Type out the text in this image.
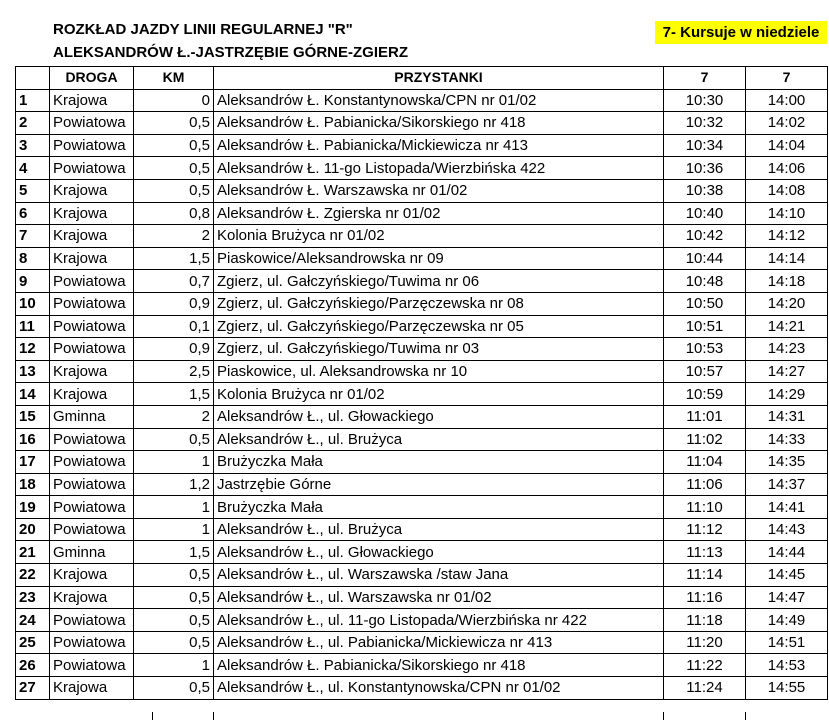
ROZKŁAD JAZDY LINII REGULARNEJ "R"
ALEKSANDRÓW Ł.-JASTRZĘBIE GÓRNE-ZGIERZ
7- Kursuje w niedziele
	DROGA	KM	PRZYSTANKI	7	7
1	Krajowa	0	Aleksandrów Ł. Konstantynowska/CPN nr 01/02	10:30	14:00
2	Powiatowa	0,5	Aleksandrów Ł. Pabianicka/Sikorskiego nr 418	10:32	14:02
3	Powiatowa	0,5	Aleksandrów Ł. Pabianicka/Mickiewicza nr 413	10:34	14:04
4	Powiatowa	0,5	Aleksandrów Ł. 11-go Listopada/Wierzbińska 422	10:36	14:06
5	Krajowa	0,5	Aleksandrów Ł. Warszawska nr 01/02	10:38	14:08
6	Krajowa	0,8	Aleksandrów Ł. Zgierska nr 01/02	10:40	14:10
7	Krajowa	2	Kolonia Brużyca nr 01/02	10:42	14:12
8	Krajowa	1,5	Piaskowice/Aleksandrowska nr 09	10:44	14:14
9	Powiatowa	0,7	Zgierz, ul. Gałczyńskiego/Tuwima nr 06	10:48	14:18
10	Powiatowa	0,9	Zgierz, ul. Gałczyńskiego/Parzęczewska nr 08	10:50	14:20
11	Powiatowa	0,1	Zgierz, ul. Gałczyńskiego/Parzęczewska nr 05	10:51	14:21
12	Powiatowa	0,9	Zgierz, ul. Gałczyńskiego/Tuwima nr 03	10:53	14:23
13	Krajowa	2,5	Piaskowice, ul. Aleksandrowska nr 10	10:57	14:27
14	Krajowa	1,5	Kolonia Brużyca nr 01/02	10:59	14:29
15	Gminna	2	Aleksandrów Ł., ul. Głowackiego	11:01	14:31
16	Powiatowa	0,5	Aleksandrów Ł., ul. Brużyca	11:02	14:33
17	Powiatowa	1	Brużyczka Mała	11:04	14:35
18	Powiatowa	1,2	Jastrzębie Górne	11:06	14:37
19	Powiatowa	1	Brużyczka Mała	11:10	14:41
20	Powiatowa	1	Aleksandrów Ł., ul. Brużyca	11:12	14:43
21	Gminna	1,5	Aleksandrów Ł., ul. Głowackiego	11:13	14:44
22	Krajowa	0,5	Aleksandrów Ł., ul. Warszawska /staw Jana	11:14	14:45
23	Krajowa	0,5	Aleksandrów Ł., ul. Warszawska nr 01/02	11:16	14:47
24	Powiatowa	0,5	Aleksandrów Ł., ul. 11-go Listopada/Wierzbińska nr 422	11:18	14:49
25	Powiatowa	0,5	Aleksandrów Ł., ul. Pabianicka/Mickiewicza nr 413	11:20	14:51
26	Powiatowa	1	Aleksandrów Ł. Pabianicka/Sikorskiego nr 418	11:22	14:53
27	Krajowa	0,5	Aleksandrów Ł., ul. Konstantynowska/CPN nr 01/02	11:24	14:55
